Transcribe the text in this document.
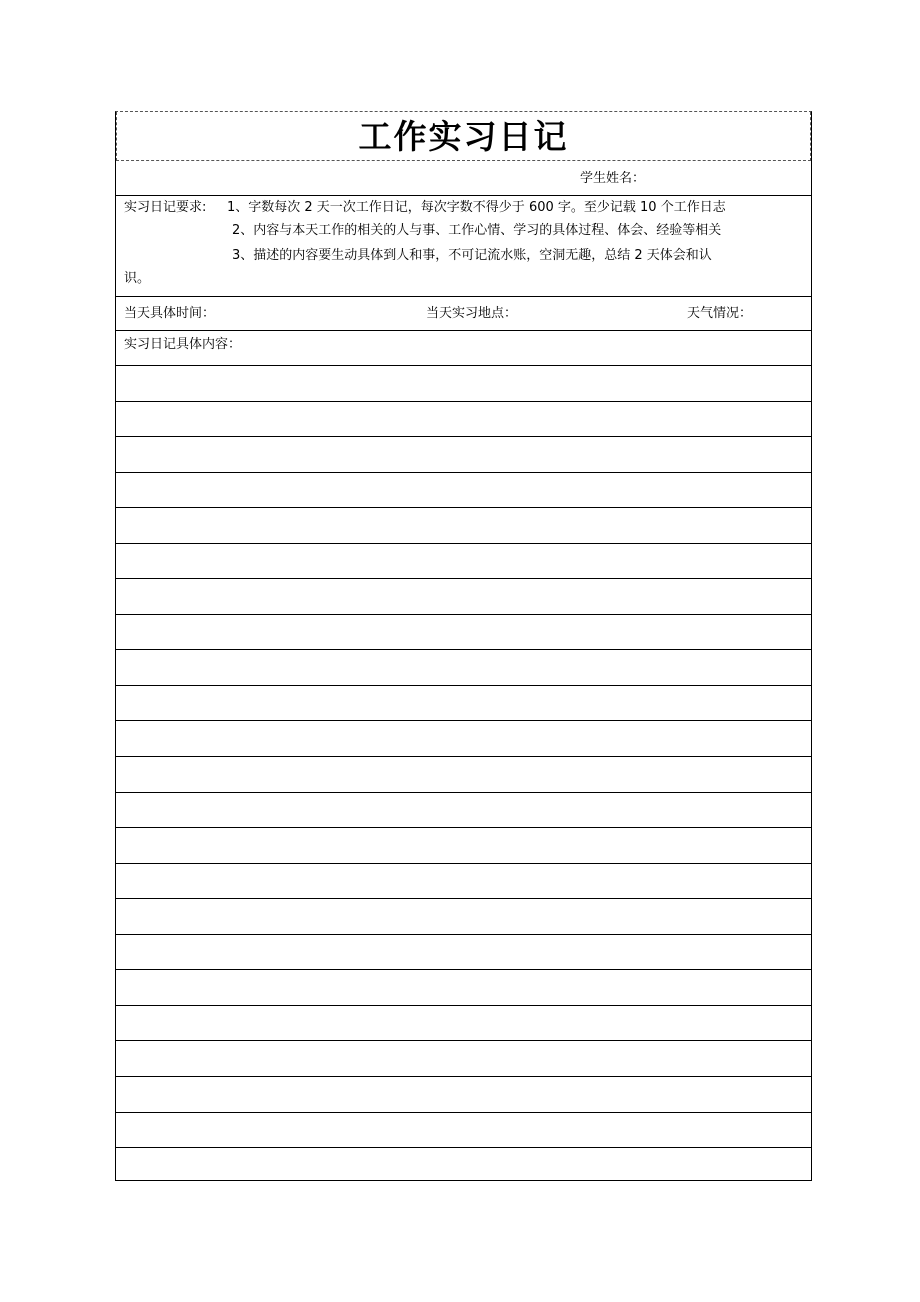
工作实习日记
学生姓名：
实习日记要求: 1、字数每次 2 天一次工作日记，每次字数不得少于 600 字。至少记载 10 个工作日志
2、内容与本天工作的相关的人与事、工作心情、学习的具体过程、体会、经验等相关
3、描述的内容要生动具体到人和事，不可记流水账，空洞无趣，总结 2 天体会和认
识。
当天具体时间：	当天实习地点：	天气情况：
实习日记具体内容：
